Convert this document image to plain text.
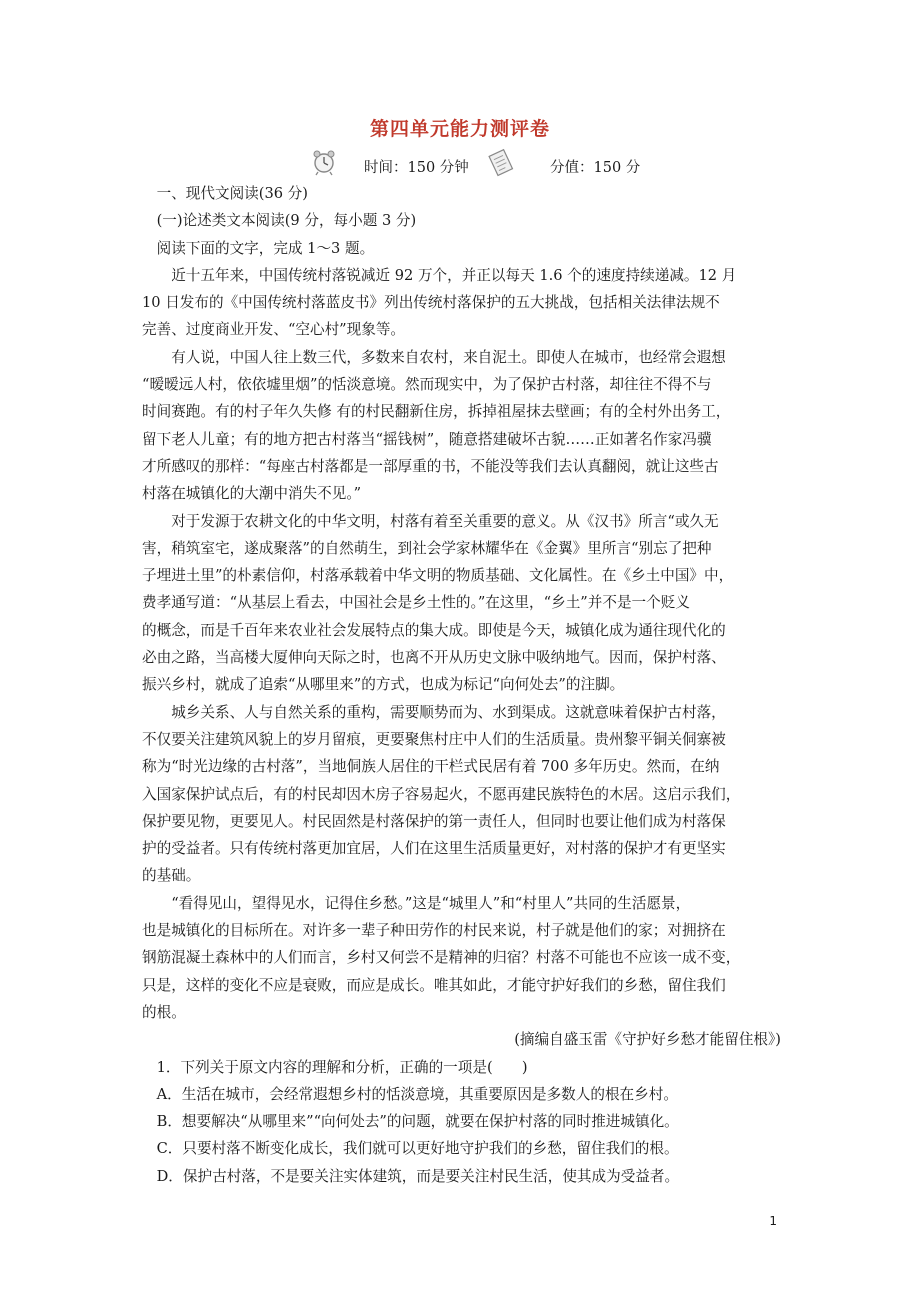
第四单元能力测评卷
时间：150 分钟	分值：150 分
一、现代文阅读(36 分)
(一)论述类文本阅读(9 分，每小题 3 分)
阅读下面的文字，完成 1～3 题。
近十五年来，中国传统村落锐减近 92 万个，并正以每天 1.6 个的速度持续递减。12 月
10 日发布的《中国传统村落蓝皮书》列出传统村落保护的五大挑战，包括相关法律法规不
完善、过度商业开发、“空心村”现象等。
有人说，中国人往上数三代，多数来自农村，来自泥土。即使人在城市，也经常会遐想
“暧暧远人村，依依墟里烟”的恬淡意境。然而现实中，为了保护古村落，却往往不得不与
时间赛跑。有的村子年久失修 有的村民翻新住房，拆掉祖屋抹去壁画；有的全村外出务工，
留下老人儿童；有的地方把古村落当“摇钱树”，随意搭建破坏古貌……正如著名作家冯骥
才所感叹的那样：“每座古村落都是一部厚重的书，不能没等我们去认真翻阅，就让这些古
村落在城镇化的大潮中消失不见。”
对于发源于农耕文化的中华文明，村落有着至关重要的意义。从《汉书》所言“或久无
害，稍筑室宅，遂成聚落”的自然萌生，到社会学家林耀华在《金翼》里所言“别忘了把种
子埋进土里”的朴素信仰，村落承载着中华文明的物质基础、文化属性。在《乡土中国》中，
费孝通写道：“从基层上看去，中国社会是乡土性的。”在这里，“乡土”并不是一个贬义
的概念，而是千百年来农业社会发展特点的集大成。即使是今天，城镇化成为通往现代化的
必由之路，当高楼大厦伸向天际之时，也离不开从历史文脉中吸纳地气。因而，保护村落、
振兴乡村，就成了追索“从哪里来”的方式，也成为标记“向何处去”的注脚。
城乡关系、人与自然关系的重构，需要顺势而为、水到渠成。这就意味着保护古村落，
不仅要关注建筑风貌上的岁月留痕，更要聚焦村庄中人们的生活质量。贵州黎平铜关侗寨被
称为“时光边缘的古村落”，当地侗族人居住的干栏式民居有着 700 多年历史。然而，在纳
入国家保护试点后，有的村民却因木房子容易起火，不愿再建民族特色的木居。这启示我们，
保护要见物，更要见人。村民固然是村落保护的第一责任人，但同时也要让他们成为村落保
护的受益者。只有传统村落更加宜居，人们在这里生活质量更好，对村落的保护才有更坚实
的基础。
“看得见山，望得见水，记得住乡愁。”这是“城里人”和“村里人”共同的生活愿景，
也是城镇化的目标所在。对许多一辈子种田劳作的村民来说，村子就是他们的家；对拥挤在
钢筋混凝土森林中的人们而言，乡村又何尝不是精神的归宿？村落不可能也不应该一成不变，
只是，这样的变化不应是衰败，而应是成长。唯其如此，才能守护好我们的乡愁，留住我们
的根。
(摘编自盛玉雷《守护好乡愁才能留住根》)
1．下列关于原文内容的理解和分析，正确的一项是(　　)
A．生活在城市，会经常遐想乡村的恬淡意境，其重要原因是多数人的根在乡村。
B．想要解决“从哪里来”“向何处去”的问题，就要在保护村落的同时推进城镇化。
C．只要村落不断变化成长，我们就可以更好地守护我们的乡愁，留住我们的根。
D．保护古村落，不是要关注实体建筑，而是要关注村民生活，使其成为受益者。
1
